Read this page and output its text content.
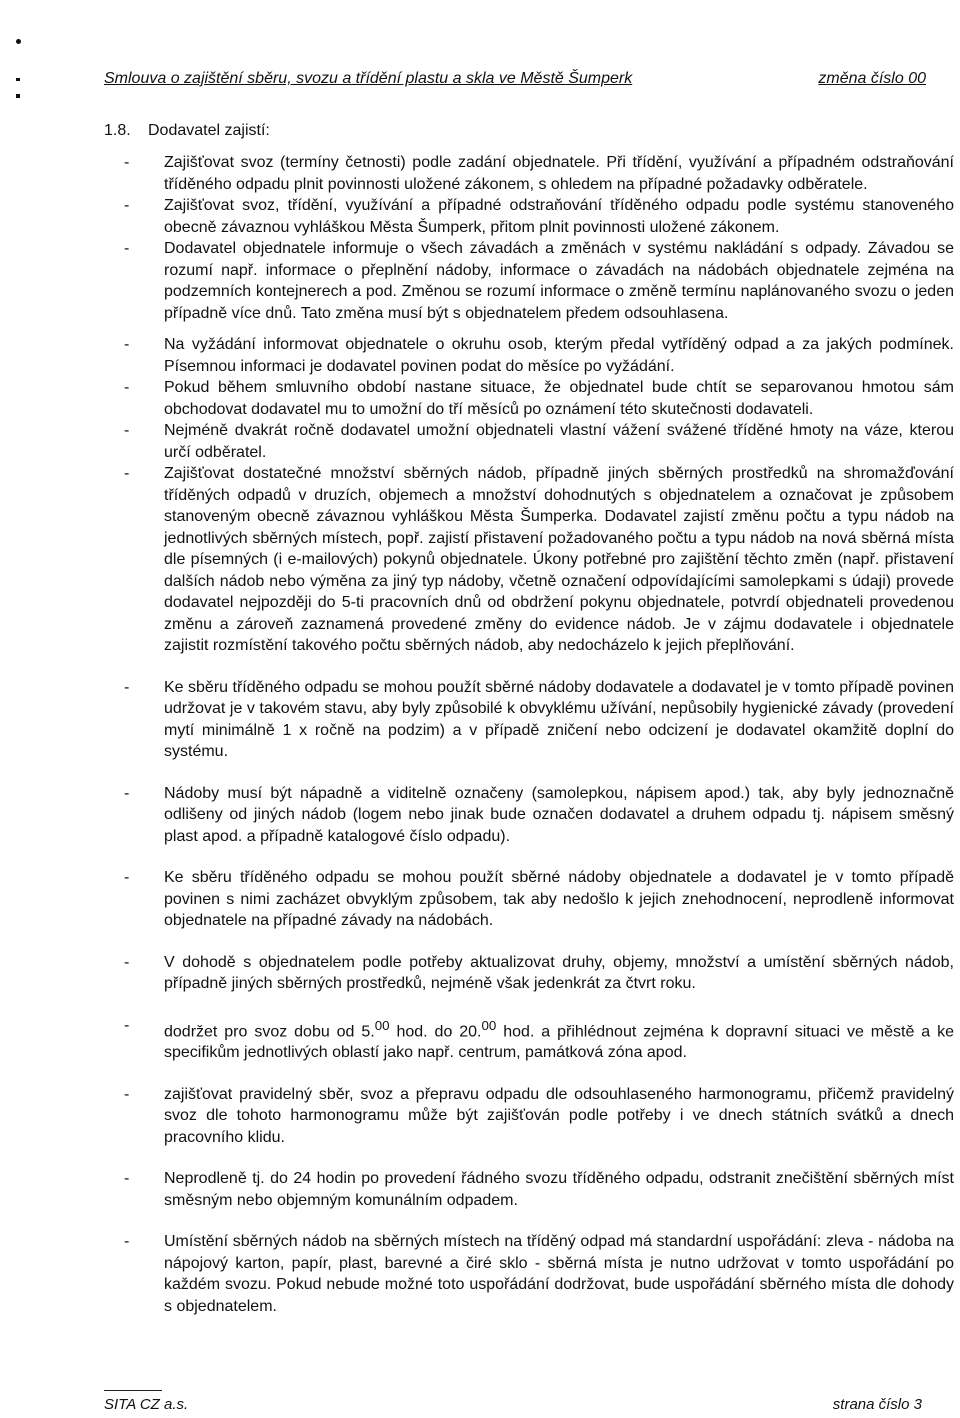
Smlouva o zajištění sběru, svozu a třídění plastu a skla ve Městě Šumperk	změna číslo 00
1.8. Dodavatel zajistí:
- Zajišťovat svoz (termíny četnosti) podle zadání objednatele. Při třídění, využívání a případném odstraňování tříděného odpadu plnit povinnosti uložené zákonem, s ohledem na případné požadavky odběratele.
- Zajišťovat svoz, třídění, využívání a případné odstraňování tříděného odpadu podle systému stanoveného obecně závaznou vyhláškou Města Šumperk, přitom plnit povinnosti uložené zákonem.
- Dodavatel objednatele informuje o všech závadách a změnách v systému nakládání s odpady. Závadou se rozumí např. informace o přeplnění nádoby, informace o závadách na nádobách objednatele zejména na podzemních kontejnerech a pod. Změnou se rozumí informace o změně termínu naplánovaného svozu o jeden případně více dnů. Tato změna musí být s objednatelem předem odsouhlasena.
- Na vyžádání informovat objednatele o okruhu osob, kterým předal vytříděný odpad a za jakých podmínek. Písemnou informaci je dodavatel povinen podat do měsíce po vyžádání.
- Pokud během smluvního období nastane situace, že objednatel bude chtít se separovanou hmotou sám obchodovat dodavatel mu to umožní do tří měsíců po oznámení této skutečnosti dodavateli.
- Nejméně dvakrát ročně dodavatel umožní objednateli vlastní vážení svážené tříděné hmoty na váze, kterou určí odběratel.
- Zajišťovat dostatečné množství sběrných nádob, případně jiných sběrných prostředků na shromažďování tříděných odpadů v druzích, objemech a množství dohodnutých s objednatelem a označovat je způsobem stanoveným obecně závaznou vyhláškou Města Šumperka. Dodavatel zajistí změnu počtu a typu nádob na jednotlivých sběrných místech, popř. zajistí přistavení požadovaného počtu a typu nádob na nová sběrná místa dle písemných (i e-mailových) pokynů objednatele. Úkony potřebné pro zajištění těchto změn (např. přistavení dalších nádob nebo výměna za jiný typ nádoby, včetně označení odpovídajícími samolepkami s údaji) provede dodavatel nejpozději do 5-ti pracovních dnů od obdržení pokynu objednatele, potvrdí objednateli provedenou změnu a zároveň zaznamená provedené změny do evidence nádob. Je v zájmu dodavatele i objednatele zajistit rozmístění takového počtu sběrných nádob, aby nedocházelo k jejich přeplňování.
- Ke sběru tříděného odpadu se mohou použít sběrné nádoby dodavatele a dodavatel je v tomto případě povinen udržovat je v takovém stavu, aby byly způsobilé k obvyklému užívání, nepůsobily hygienické závady (provedení mytí minimálně 1 x ročně na podzim) a v případě zničení nebo odcizení je dodavatel okamžitě doplní do systému.
- Nádoby musí být nápadně a viditelně označeny (samolepkou, nápisem apod.) tak, aby byly jednoznačně odlišeny od jiných nádob (logem nebo jinak bude označen dodavatel a druhem odpadu tj. nápisem směsný plast apod. a případně katalogové číslo odpadu).
- Ke sběru tříděného odpadu se mohou použít sběrné nádoby objednatele a dodavatel je v tomto případě povinen s nimi zacházet obvyklým způsobem, tak aby nedošlo k jejich znehodnocení, neprodleně informovat objednatele na případné závady na nádobách.
- V dohodě s objednatelem podle potřeby aktualizovat druhy, objemy, množství a umístění sběrných nádob, případně jiných sběrných prostředků, nejméně však jedenkrát za čtvrt roku.
- dodržet pro svoz dobu od 5.00 hod. do 20.00 hod. a přihlédnout zejména k dopravní situaci ve městě a ke specifikům jednotlivých oblastí jako např. centrum, památková zóna apod.
- zajišťovat pravidelný sběr, svoz a přepravu odpadu dle odsouhlaseného harmonogramu, přičemž pravidelný svoz dle tohoto harmonogramu může být zajišťován podle potřeby i ve dnech státních svátků a dnech pracovního klidu.
- Neprodleně tj. do 24 hodin po provedení řádného svozu tříděného odpadu, odstranit znečištění sběrných míst směsným nebo objemným komunálním odpadem.
- Umístění sběrných nádob na sběrných místech na tříděný odpad má standardní uspořádání: zleva - nádoba na nápojový karton, papír, plast, barevné a čiré sklo - sběrná místa je nutno udržovat v tomto uspořádání po každém svozu. Pokud nebude možné toto uspořádání dodržovat, bude uspořádání sběrného místa dle dohody s objednatelem.
SITA CZ a.s.	strana číslo 3
